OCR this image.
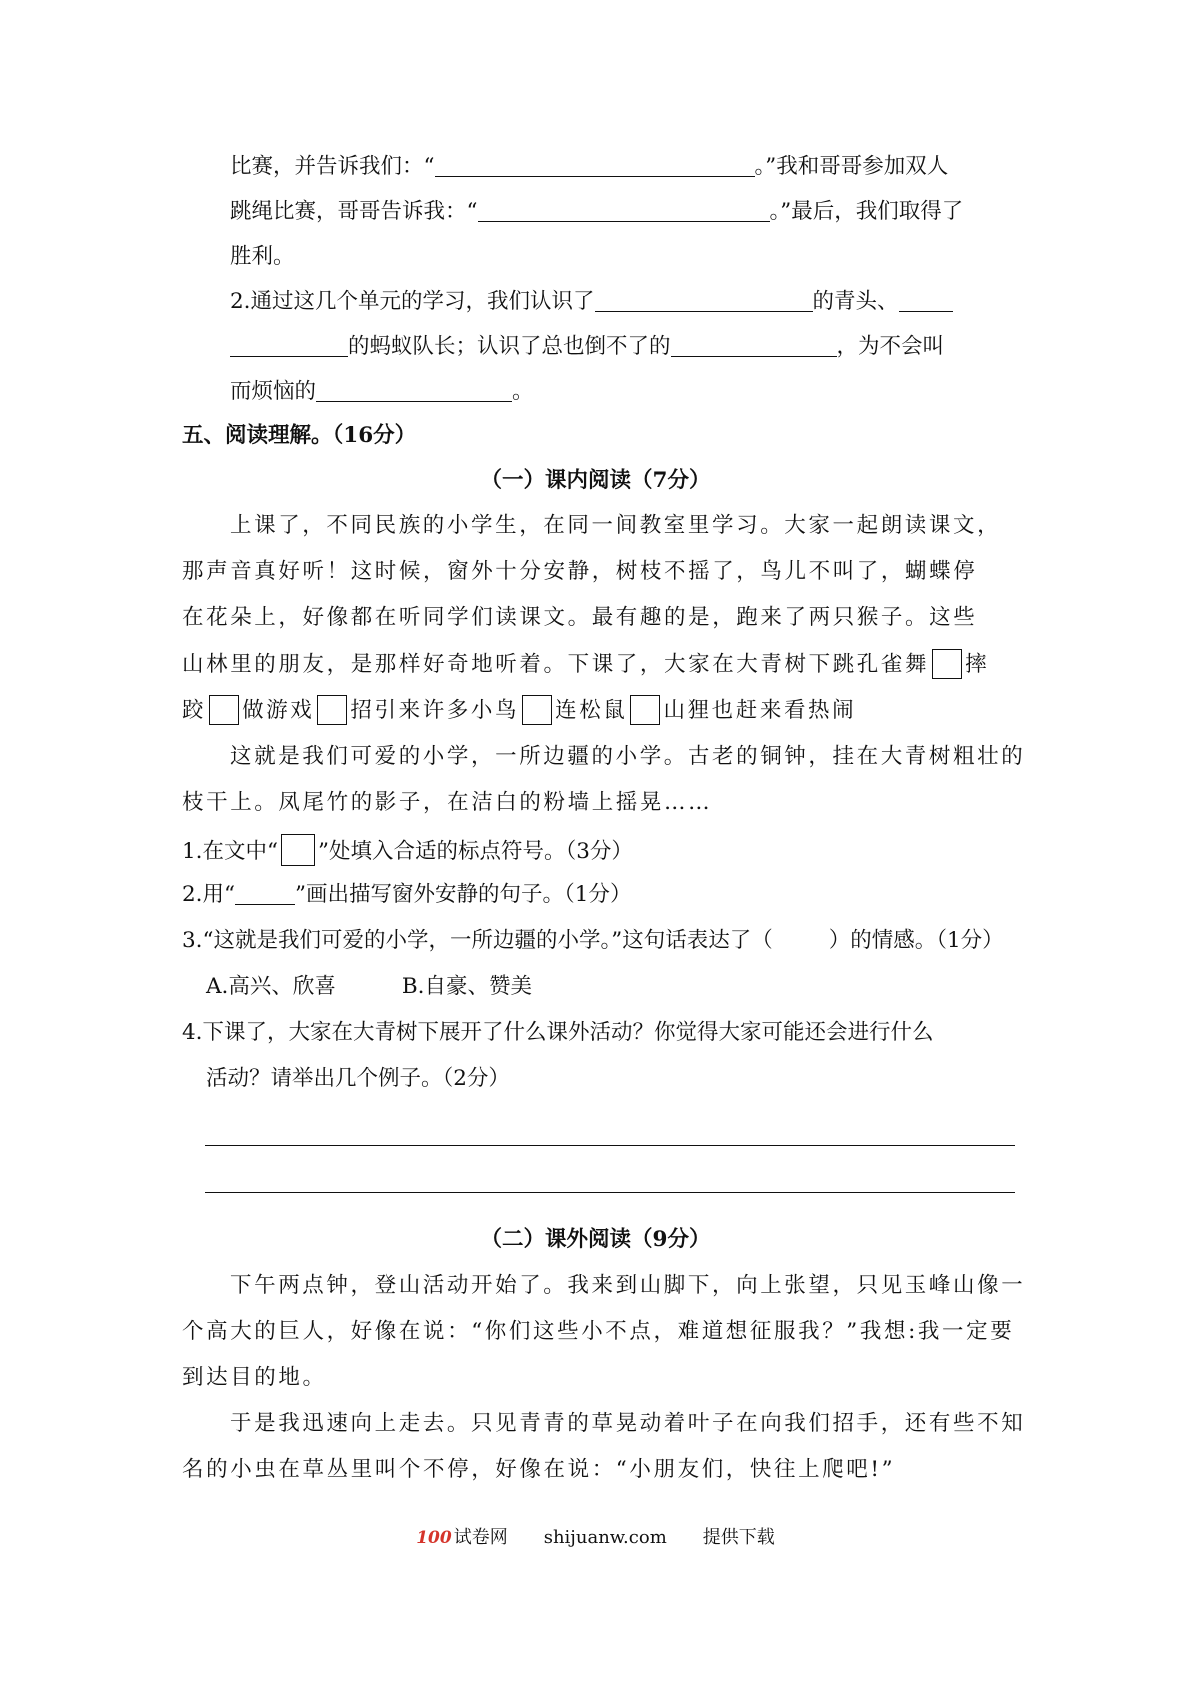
比赛，并告诉我们：“	。”我和哥哥参加双人
跳绳比赛，哥哥告诉我：“	。”最后，我们取得了
胜利。
2.通过这几个单元的学习，我们认识了	的青头、
的蚂蚁队长；认识了总也倒不了的	，为不会叫
而烦恼的	。
五、阅读理解。（16分）
（一）课内阅读（7分）
上课了，不同民族的小学生，在同一间教室里学习。大家一起朗读课文，
那声音真好听！这时候，窗外十分安静，树枝不摇了，鸟儿不叫了，蝴蝶停
在花朵上，好像都在听同学们读课文。最有趣的是，跑来了两只猴子。这些
山林里的朋友，是那样好奇地听着。下课了，大家在大青树下跳孔雀舞 摔
跤 做游戏 招引来许多小鸟 连松鼠 山狸也赶来看热闹
这就是我们可爱的小学，一所边疆的小学。古老的铜钟，挂在大青树粗壮的
枝干上。凤尾竹的影子，在洁白的粉墙上摇晃……
1.在文中“ ”处填入合适的标点符号。（3分）
2.用“	”画出描写窗外安静的句子。（1分）
3.“这就是我们可爱的小学，一所边疆的小学。”这句话表达了（	）的情感。（1分）
A.高兴、欣喜	B.自豪、赞美
4.下课了，大家在大青树下展开了什么课外活动？你觉得大家可能还会进行什么
活动？请举出几个例子。（2分）
（二）课外阅读（9分）
下午两点钟，登山活动开始了。我来到山脚下，向上张望，只见玉峰山像一
个高大的巨人，好像在说：“你们这些小不点，难道想征服我？”我想:我一定要
到达目的地。
于是我迅速向上走去。只见青青的草晃动着叶子在向我们招手，还有些不知
名的小虫在草丛里叫个不停，好像在说：“小朋友们，快往上爬吧!”
100 试卷网 shijuanw.com 提供下载
